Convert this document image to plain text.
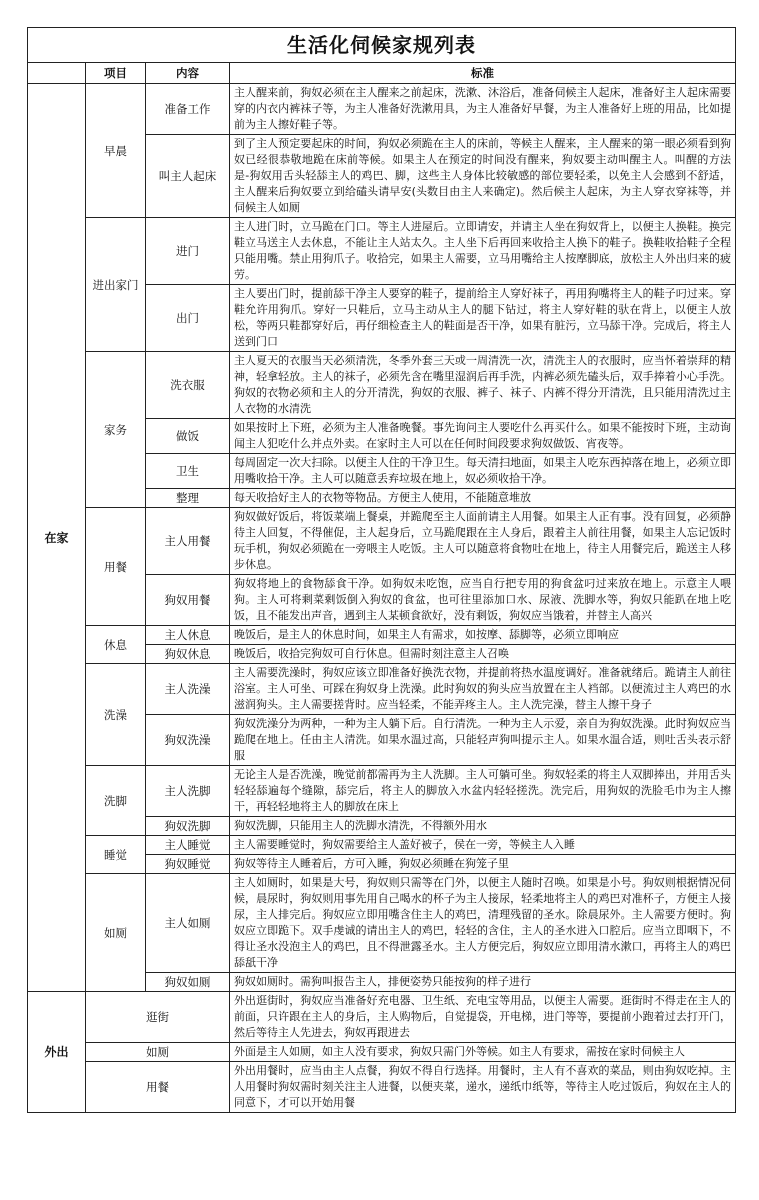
生活化伺候家规列表			
	项目	内容	标准
在家	早晨	准备工作	主人醒来前，狗奴必须在主人醒来之前起床，洗漱、沐浴后，准备伺候主人起床，准备好主人起床需要穿的内衣内裤袜子等，为主人准备好洗漱用具，为主人准备好早餐，为主人准备好上班的用品，比如提前为主人擦好鞋子等。
		叫主人起床	到了主人预定要起床的时间，狗奴必须跪在主人的床前，等候主人醒来，主人醒来的第一眼必须看到狗奴已经很恭敬地跪在床前等候。如果主人在预定的时间没有醒来，狗奴要主动叫醒主人。叫醒的方法是-狗奴用舌头轻舔主人的鸡巴、脚，这些主人身体比较敏感的部位要轻柔，以免主人会感到不舒适，主人醒来后狗奴要立到给磕头请早安(头数目由主人来确定)。然后候主人起床，为主人穿衣穿袜等，并伺候主人如厕
	进出家门	进门	主人进门时，立马跪在门口。等主人进屋后。立即请安，并请主人坐在狗奴背上，以便主人换鞋。换完鞋立马送主人去休息，不能让主人站太久。主人坐下后再回来收拾主人换下的鞋子。换鞋收拾鞋子全程只能用嘴。禁止用狗爪子。收拾完，如果主人需要，立马用嘴给主人按摩脚底，放松主人外出归来的疲劳。
		出门	主人要出门时，提前舔干净主人要穿的鞋子，提前给主人穿好袜子，再用狗嘴将主人的鞋子叼过来。穿鞋允许用狗爪。穿好一只鞋后，立马主动从主人的腿下钻过，将主人穿好鞋的驮在背上，以便主人放松，等两只鞋都穿好后，再仔细检查主人的鞋面是否干净，如果有脏污，立马舔干净。完成后，将主人送到门口
	家务	洗衣服	主人夏天的衣服当天必须清洗，冬季外套三天或一周清洗一次，清洗主人的衣服时，应当怀着崇拜的精神，轻拿轻放。主人的袜子，必须先含在嘴里湿润后再手洗，内裤必须先磕头后，双手捧着小心手洗。狗奴的衣物必须和主人的分开清洗，狗奴的衣服、裤子、袜子、内裤不得分开清洗，且只能用清洗过主人衣物的水清洗
		做饭	如果按时上下班，必须为主人准备晚餐。事先询问主人要吃什么再买什么。如果不能按时下班，主动询闻主人犯吃什么并点外卖。在家时主人可以在任何时间段要求狗奴做饭、宵夜等。
		卫生	每周固定一次大扫除。以便主人住的干净卫生。每天清扫地面，如果主人吃东西掉落在地上，必须立即用嘴收拾干净。主人可以随意丢弃垃圾在地上，奴必须收拾干净。
		整理	每天收拾好主人的衣物等物品。方便主人使用，不能随意堆放
	用餐	主人用餐	狗奴做好饭后，将饭菜端上餐桌，并跪爬至主人面前请主人用餐。如果主人正有事。没有回复，必须静待主人回复，不得催促，主人起身后，立马跪爬跟在主人身后，跟着主人前往用餐，如果主人忘记饭时玩手机，狗奴必须跪在一旁喂主人吃饭。主人可以随意将食物吐在地上，待主人用餐完后，跪送主人移步休息。
		狗奴用餐	狗奴将地上的食物舔食干净。如狗奴未吃饱，应当自行把专用的狗食盆叼过来放在地上。示意主人喂狗。主人可将剩菜剩饭倒入狗奴的食盆，也可往里添加口水、尿液、洗脚水等，狗奴只能趴在地上吃饭，且不能发出声音，遇到主人某顿食欲好，没有剩饭，狗奴应当饿着，并替主人高兴
	休息	主人休息	晚饭后，是主人的休息时间，如果主人有需求，如按摩、舔脚等，必须立即响应
		狗奴休息	晚饭后，收拾完狗奴可自行休息。但需时刻注意主人召唤
	洗澡	主人洗澡	主人需要洗澡时，狗奴应该立即准备好换洗衣物，并提前将热水温度调好。准备就绪后。跪请主人前往浴室。主人可坐、可踩在狗奴身上洗澡。此时狗奴的狗头应当放置在主人裆部。以便流过主人鸡巴的水滋润狗头。主人需要搓背时。应当轻柔，不能弄疼主人。主人洗完澡，替主人擦干身子
		狗奴洗澡	狗奴洗澡分为两种，一种为主人躺下后。自行清洗。一种为主人示爱，亲自为狗奴洗澡。此时狗奴应当跪爬在地上。任由主人清洗。如果水温过高，只能轻声狗叫提示主人。如果水温合适，则吐舌头表示舒服
	洗脚	主人洗脚	无论主人是否洗澡，晚觉前都需再为主人洗脚。主人可躺可坐。狗奴轻柔的将主人双脚捧出，并用舌头轻轻舔遍每个缝隙，舔完后，将主人的脚放入水盆内轻轻搓洗。洗完后，用狗奴的洗脸毛巾为主人擦干，再轻轻地将主人的脚放在床上
		狗奴洗脚	狗奴洗脚，只能用主人的洗脚水清洗，不得额外用水
	睡觉	主人睡觉	主人需要睡觉时，狗奴需要给主人盖好被子，侯在一旁，等候主人入睡
		狗奴睡觉	狗奴等待主人睡着后，方可入睡，狗奴必须睡在狗笼子里
	如厕	主人如厕	主人如厕时，如果是大号，狗奴则只需等在门外，以便主人随时召唤。如果是小号。狗奴则根据情况伺候，晨尿时，狗奴则用事先用自己喝水的杯子为主人接尿，轻柔地将主人的鸡巴对准杯子，方便主人接尿，主人排完后。狗奴应立即用嘴含住主人的鸡巴，清理残留的圣水。除晨尿外。主人需要方便时。狗奴应立即跪下。双手虔诚的请出主人的鸡巴，轻轻的含住，主人的圣水进入口腔后。应当立即咽下，不得让圣水没泡主人的鸡巴，且不得泄露圣水。主人方便完后，狗奴应立即用清水漱口，再将主人的鸡巴舔舐干净
		狗奴如厕	狗奴如厕时。需狗叫报告主人，排便姿势只能按狗的样子进行
外出	逛街		外出逛街时，狗奴应当准备好充电器、卫生纸、充电宝等用品，以便主人需要。逛街时不得走在主人的前面，只许跟在主人的身后，主人购物后，自觉提袋，开电梯，进门等等，要提前小跑着过去打开门，然后等待主人先进去，狗奴再跟进去
	如厕		外面是主人如厕，如主人没有要求，狗奴只需门外等候。如主人有要求，需按在家时伺候主人
	用餐		外出用餐时，应当由主人点餐，狗奴不得自行选择。用餐时，主人有不喜欢的菜品，则由狗奴吃掉。主人用餐时狗奴需时刻关注主人进餐，以便夹菜，递水，递纸巾纸等，等待主人吃过饭后，狗奴在主人的同意下，才可以开始用餐
